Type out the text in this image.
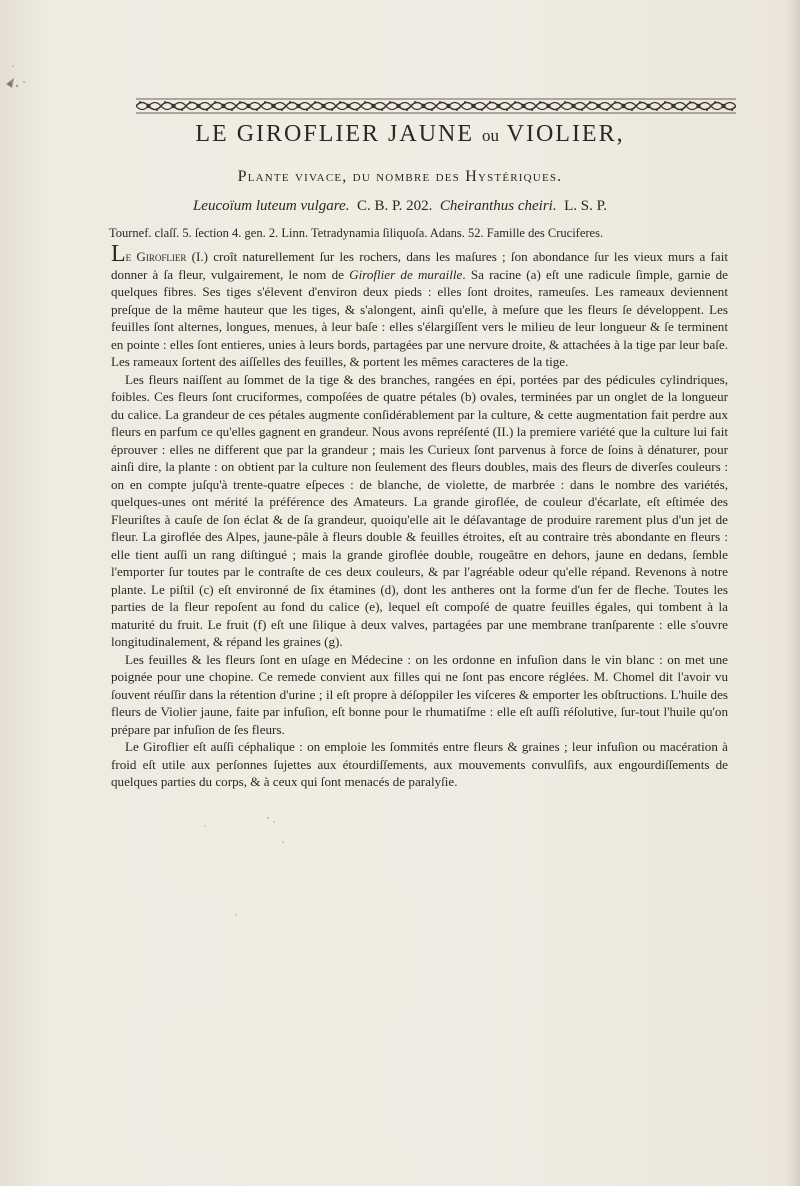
LE GIROFLIER JAUNE ou VIOLIER,
Plante vivace, du nombre des Hystériques.
Leucoïum luteum vulgare. C. B. P. 202. Cheiranthus cheiri. L. S. P.
Tournef. claſſ. 5. ſection 4. gen. 2. Linn. Tetradynamia ſiliquoſa. Adans. 52. Famille des Cruciferes.

Le Giroflier (I.) croît naturellement ſur les rochers, dans les maſures ; ſon abondance ſur les vieux murs a fait donner à ſa fleur, vulgairement, le nom de Giroflier de muraille. Sa racine (a) eſt une radicule ſimple, garnie de quelques fibres. Ses tiges s'élevent d'environ deux pieds : elles ſont droites, rameuſes. Les rameaux deviennent preſque de la même hauteur que les tiges, & s'alongent, ainſi qu'elle, à meſure que les fleurs ſe développent. Les feuilles ſont alternes, longues, menues, à leur baſe : elles s'élargiſſent vers le milieu de leur longueur & ſe terminent en pointe : elles ſont entieres, unies à leurs bords, partagées par une nervure droite, & attachées à la tige par leur baſe. Les rameaux ſortent des aiſſelles des feuilles, & portent les mêmes caracteres de la tige.

Les fleurs naiſſent au ſommet de la tige & des branches, rangées en épi, portées par des pédicules cylindriques, foibles. Ces fleurs ſont cruciformes, compoſées de quatre pétales (b) ovales, terminées par un onglet de la longueur du calice. La grandeur de ces pétales augmente conſidérablement par la culture, & cette augmentation fait perdre aux fleurs en parfum ce qu'elles gagnent en grandeur. Nous avons repréſenté (II.) la premiere variété que la culture lui fait éprouver : elles ne different que par la grandeur ; mais les Curieux ſont parvenus à force de ſoins à dénaturer, pour ainſi dire, la plante : on obtient par la culture non ſeulement des fleurs doubles, mais des fleurs de diverſes couleurs : on en compte juſqu'à trente-quatre eſpeces : de blanche, de violette, de marbrée : dans le nombre des variétés, quelques-unes ont mérité la préférence des Amateurs. La grande giroflée, de couleur d'écarlate, eſt eſtimée des Fleuriſtes à cauſe de ſon éclat & de ſa grandeur, quoiqu'elle ait le déſavantage de produire rarement plus d'un jet de fleur. La giroflée des Alpes, jaune-pâle à fleurs double & feuilles étroites, eſt au contraire très abondante en fleurs : elle tient auſſi un rang diſtingué ; mais la grande giroflée double, rougeâtre en dehors, jaune en dedans, ſemble l'emporter ſur toutes par le contraſte de ces deux couleurs, & par l'agréable odeur qu'elle répand. Revenons à notre plante. Le piſtil (c) eſt environné de ſix étamines (d), dont les antheres ont la forme d'un fer de fleche. Toutes les parties de la fleur repoſent au fond du calice (e), lequel eſt compoſé de quatre feuilles égales, qui tombent à la maturité du fruit. Le fruit (f) eſt une ſilique à deux valves, partagées par une membrane tranſparente : elle s'ouvre longitudinalement, & répand les graines (g).

Les feuilles & les fleurs ſont en uſage en Médecine : on les ordonne en infuſion dans le vin blanc : on met une poignée pour une chopine. Ce remede convient aux filles qui ne ſont pas encore réglées. M. Chomel dit l'avoir vu ſouvent réuſſir dans la rétention d'urine ; il eſt propre à déſoppiler les viſceres & emporter les obſtructions. L'huile des fleurs de Violier jaune, faite par infuſion, eſt bonne pour le rhumatiſme : elle eſt auſſi réſolutive, ſur-tout l'huile qu'on prépare par infuſion de ſes fleurs.

Le Giroflier eſt auſſi céphalique : on emploie les ſommités entre fleurs & graines ; leur infuſion ou macération à froid eſt utile aux perſonnes ſujettes aux étourdiſſements, aux mouvements convulſifs, aux engourdiſſements de quelques parties du corps, & à ceux qui ſont menacés de paralyſie.
